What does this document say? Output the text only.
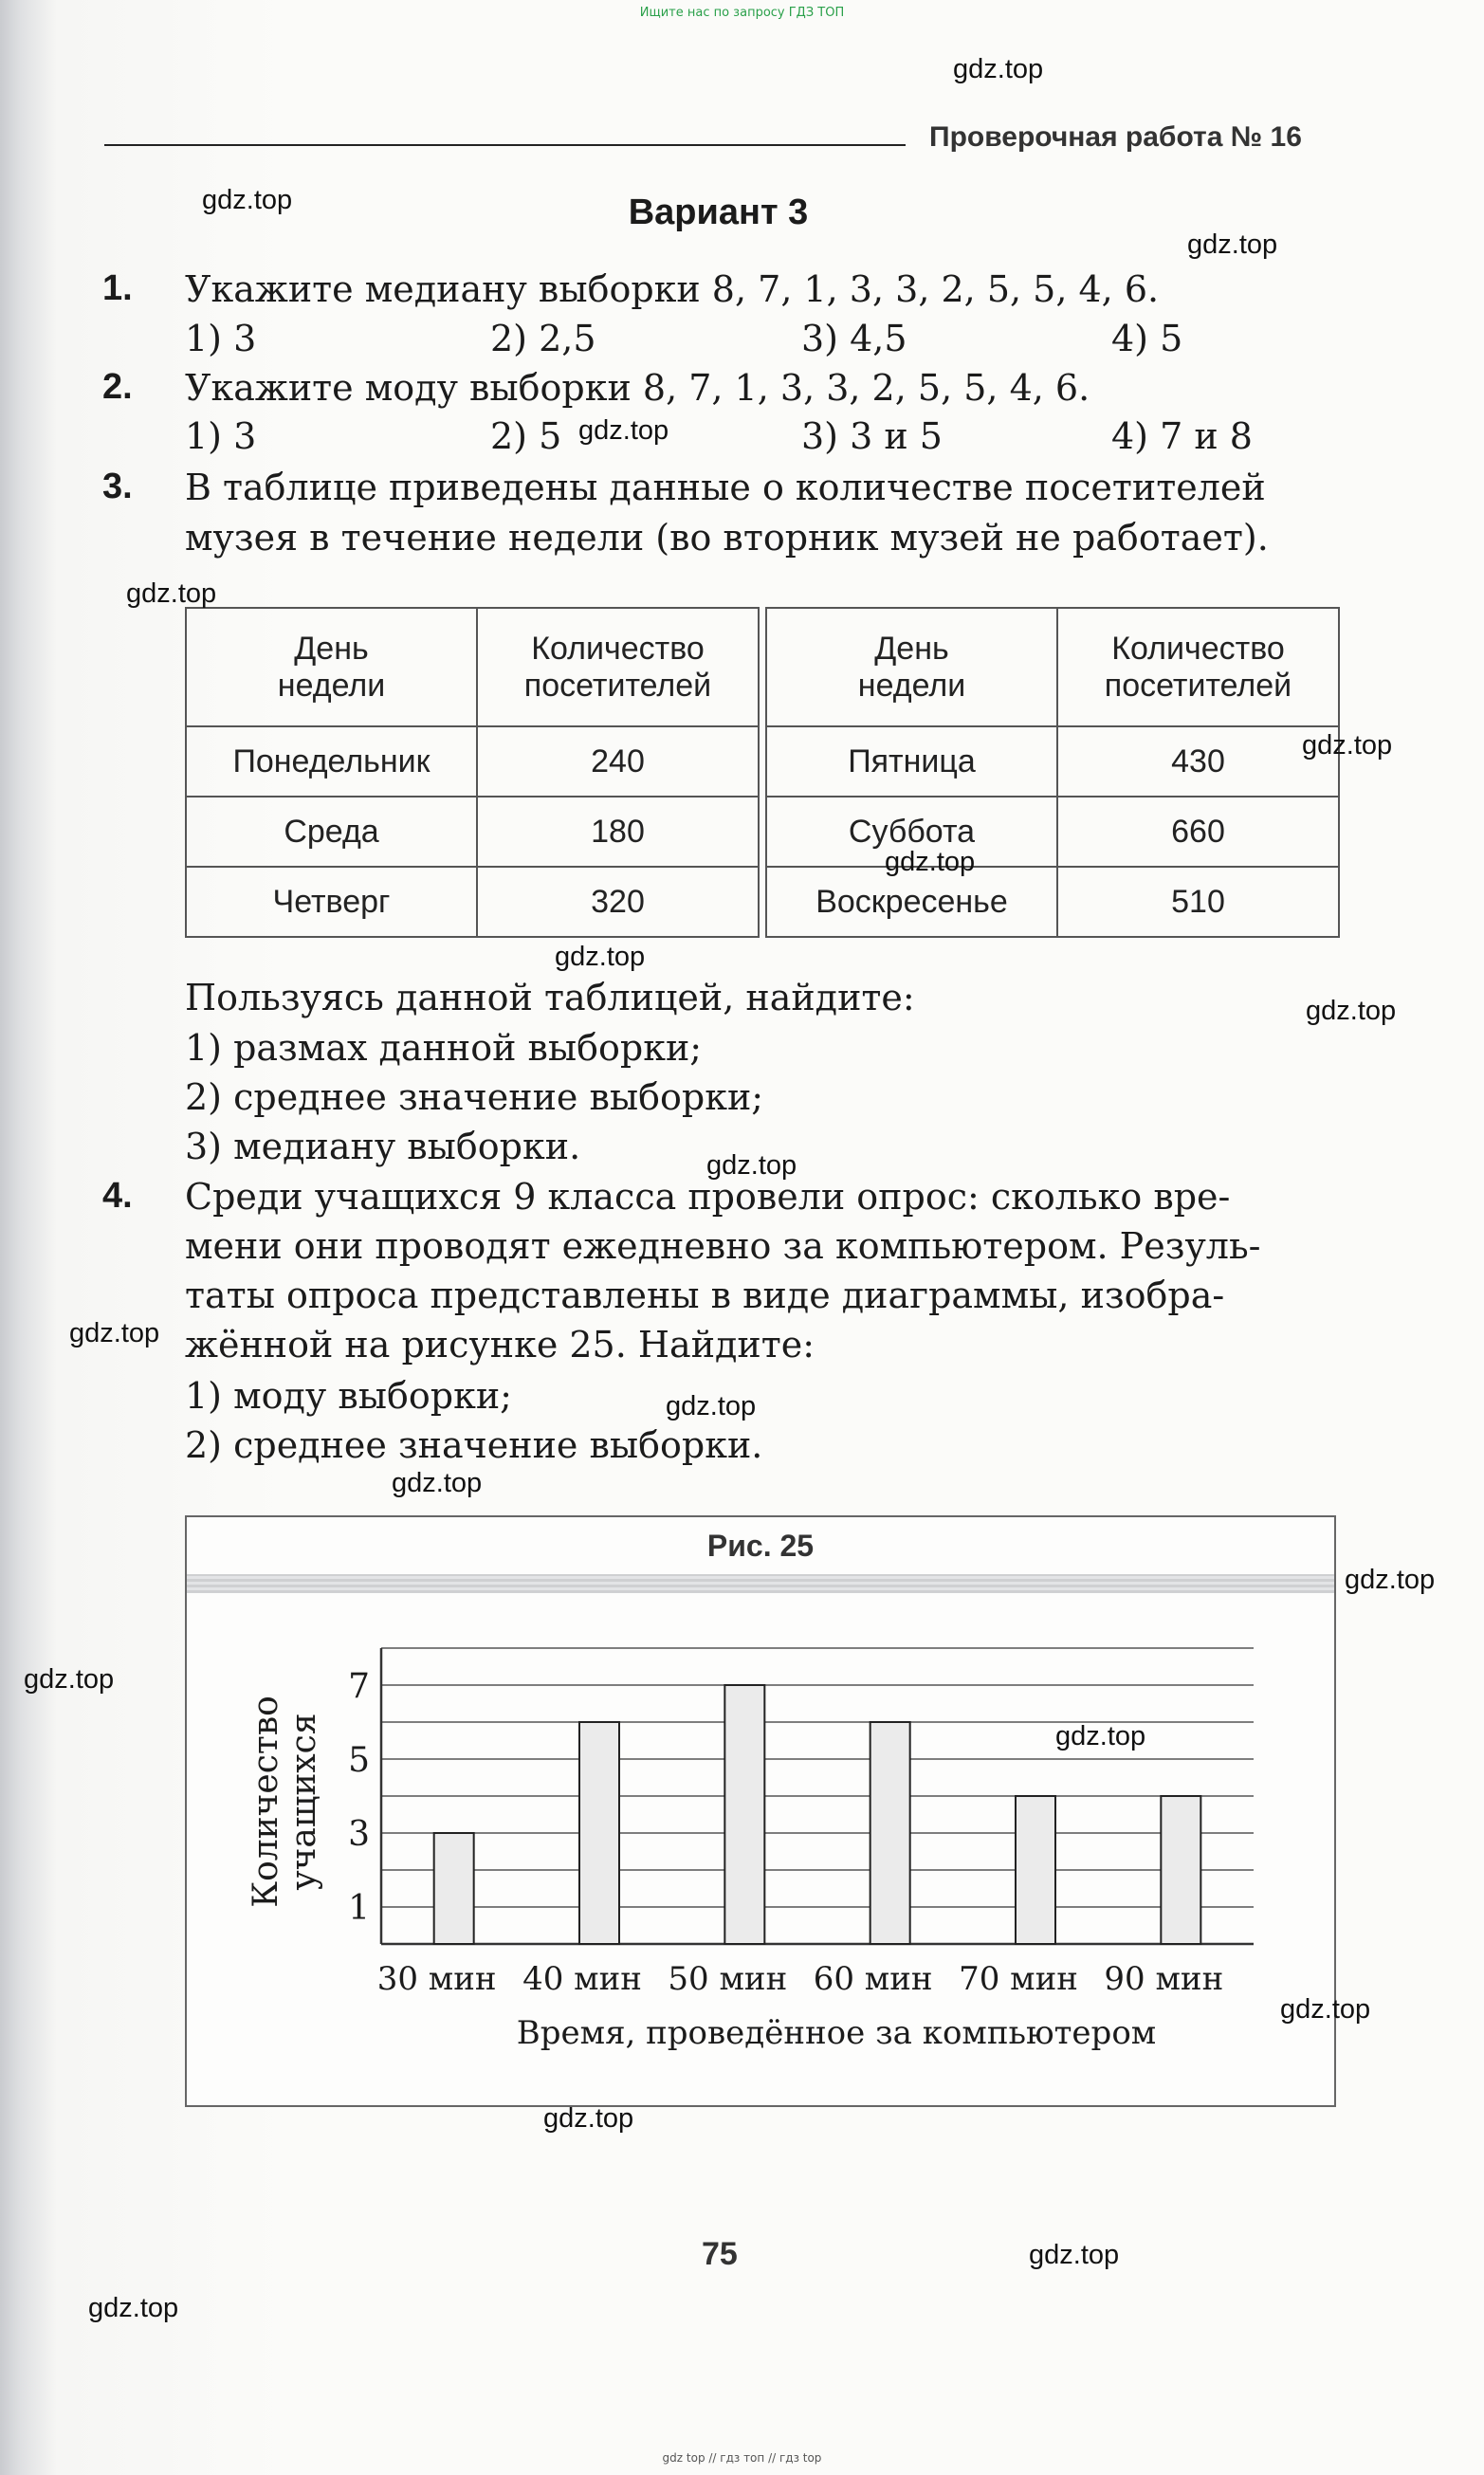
Ищите нас по запросу ГДЗ ТОП
Проверочная работа № 16
Вариант 3
1. Укажите медиану выборки 8, 7, 1, 3, 3, 2, 5, 5, 4, 6.
1) 3	2) 2,5	3) 4,5	4) 5
2. Укажите моду выборки 8, 7, 1, 3, 3, 2, 5, 5, 4, 6.
1) 3	2) 5	3) 3 и 5	4) 7 и 8
3. В таблице приведены данные о количестве посетителей
музея в течение недели (во вторник музей не работает).
День
недели	Количество
посетителей
Понедельник	240
Среда	180
Четверг	320
День
недели	Количество
посетителей
Пятница	430
Суббота	660
Воскресенье	510
Пользуясь данной таблицей, найдите:
1) размах данной выборки;
2) среднее значение выборки;
3) медиану выборки.
4. Среди учащихся 9 класса провели опрос: сколько вре-
мени они проводят ежедневно за компьютером. Резуль-
таты опроса представлены в виде диаграммы, изобра-
жённой на рисунке 25. Найдите:
1) моду выборки;
2) среднее значение выборки.
Рис. 25
1
3
5
7
30 мин 40 мин 50 мин 60 мин 70 мин 90 мин
Время, проведённое за компьютером
Количество учащихся
75
gdz top // гдз топ // гдз top
gdz.top
gdz.top
gdz.top
gdz.top
gdz.top
gdz.top
gdz.top
gdz.top
gdz.top
gdz.top
gdz.top
gdz.top
gdz.top
gdz.top
gdz.top
gdz.top
gdz.top
gdz.top
gdz.top
gdz.top
